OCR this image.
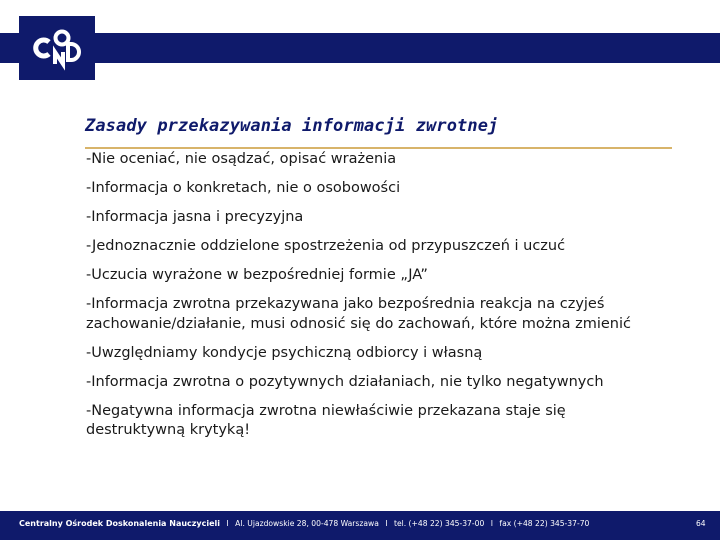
Zasady przekazywania informacji zwrotnej
-Nie oceniać, nie osądzać, opisać wrażenia
-Informacja o konkretach, nie o osobowości
-Informacja jasna i precyzyjna
-Jednoznacznie oddzielone spostrzeżenia od przypuszczeń i uczuć
-Uczucia wyrażone w bezpośredniej formie „JA”
-Informacja zwrotna przekazywana jako bezpośrednia reakcja na czyjeś zachowanie/działanie, musi odnosić się do zachowań, które można zmienić
-Uwzględniamy kondycje psychiczną odbiorcy i własną
-Informacja zwrotna o pozytywnych działaniach, nie tylko negatywnych
-Negatywna informacja zwrotna niewłaściwie przekazana staje się destruktywną krytyką!
Centralny Ośrodek Doskonalenia Nauczycieli I Al. Ujazdowskie 28, 00-478 Warszawa I tel. (+48 22) 345-37-00 I fax (+48 22) 345-37-70	64
